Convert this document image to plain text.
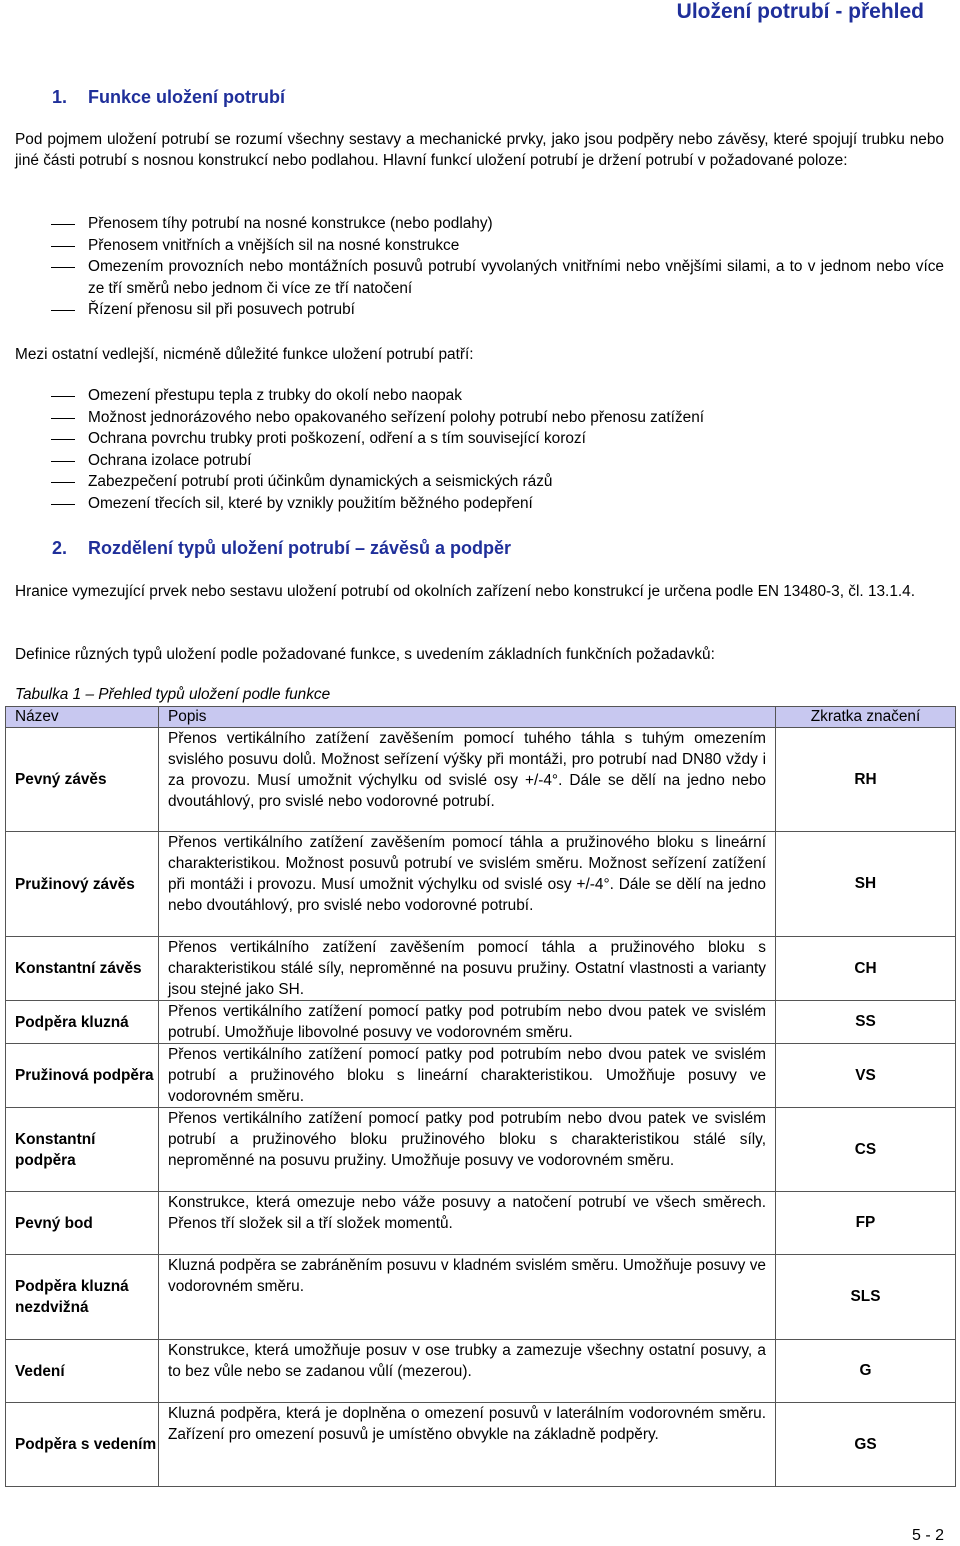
Uložení potrubí - přehled
1. Funkce uložení potrubí
Pod pojmem uložení potrubí se rozumí všechny sestavy a mechanické prvky, jako jsou podpěry nebo závěsy, které spojují trubku nebo jiné části potrubí s nosnou konstrukcí nebo podlahou. Hlavní funkcí uložení potrubí je držení potrubí v požadované poloze:
Přenosem tíhy potrubí na nosné konstrukce (nebo podlahy)
Přenosem vnitřních a vnějších sil na nosné konstrukce
Omezením provozních nebo montážních posuvů potrubí vyvolaných vnitřními nebo vnějšími silami, a to v jednom nebo více ze tří směrů nebo jednom či více ze tří natočení
Řízení přenosu sil při posuvech potrubí
Mezi ostatní vedlejší, nicméně důležité funkce uložení potrubí patří:
Omezení přestupu tepla z trubky do okolí nebo naopak
Možnost jednorázového nebo opakovaného seřízení polohy potrubí nebo přenosu zatížení
Ochrana povrchu trubky proti poškození, odření a s tím související korozí
Ochrana izolace potrubí
Zabezpečení potrubí proti účinkům dynamických a seismických rázů
Omezení třecích sil, které by vznikly použitím běžného podepření
2. Rozdělení typů uložení potrubí – závěsů a podpěr
Hranice vymezující prvek nebo sestavu uložení potrubí od okolních zařízení nebo konstrukcí je určena podle EN 13480-3, čl. 13.1.4.
Definice různých typů uložení podle požadované funkce, s uvedením základních funkčních požadavků:
Tabulka 1 – Přehled typů uložení podle funkce
Název	Popis	Zkratka značení
Pevný závěs	Přenos vertikálního zatížení zavěšením pomocí tuhého táhla s tuhým omezením svislého posuvu dolů. Možnost seřízení výšky při montáži, pro potrubí nad DN80 vždy i za provozu. Musí umožnit výchylku od svislé osy +/-4°. Dále se dělí na jedno nebo dvoutáhlový, pro svislé nebo vodorovné potrubí.	RH
Pružinový závěs	Přenos vertikálního zatížení zavěšením pomocí táhla a pružinového bloku s lineární charakteristikou. Možnost posuvů potrubí ve svislém směru. Možnost seřízení zatížení při montáži i provozu. Musí umožnit výchylku od svislé osy +/-4°. Dále se dělí na jedno nebo dvoutáhlový, pro svislé nebo vodorovné potrubí.	SH
Konstantní závěs	Přenos vertikálního zatížení zavěšením pomocí táhla a pružinového bloku s charakteristikou stálé síly, neproměnné na posuvu pružiny. Ostatní vlastnosti a varianty jsou stejné jako SH.	CH
Podpěra kluzná	Přenos vertikálního zatížení pomocí patky pod potrubím nebo dvou patek ve svislém potrubí. Umožňuje libovolné posuvy ve vodorovném směru.	SS
Pružinová podpěra	Přenos vertikálního zatížení pomocí patky pod potrubím nebo dvou patek ve svislém potrubí a pružinového bloku s lineární charakteristikou. Umožňuje posuvy ve vodorovném směru.	VS
Konstantní podpěra	Přenos vertikálního zatížení pomocí patky pod potrubím nebo dvou patek ve svislém potrubí a pružinového bloku pružinového bloku s charakteristikou stálé síly, neproměnné na posuvu pružiny. Umožňuje posuvy ve vodorovném směru.	CS
Pevný bod	Konstrukce, která omezuje nebo váže posuvy a natočení potrubí ve všech směrech. Přenos tří složek sil a tří složek momentů.	FP
Podpěra kluzná nezdvižná	Kluzná podpěra se zabráněním posuvu v kladném svislém směru. Umožňuje posuvy ve vodorovném směru.	SLS
Vedení	Konstrukce, která umožňuje posuv v ose trubky a zamezuje všechny ostatní posuvy, a to bez vůle nebo se zadanou vůlí (mezerou).	G
Podpěra s vedením	Kluzná podpěra, která je doplněna o omezení posuvů v laterálním vodorovném směru. Zařízení pro omezení posuvů je umístěno obvykle na základně podpěry.	GS
5 - 2
